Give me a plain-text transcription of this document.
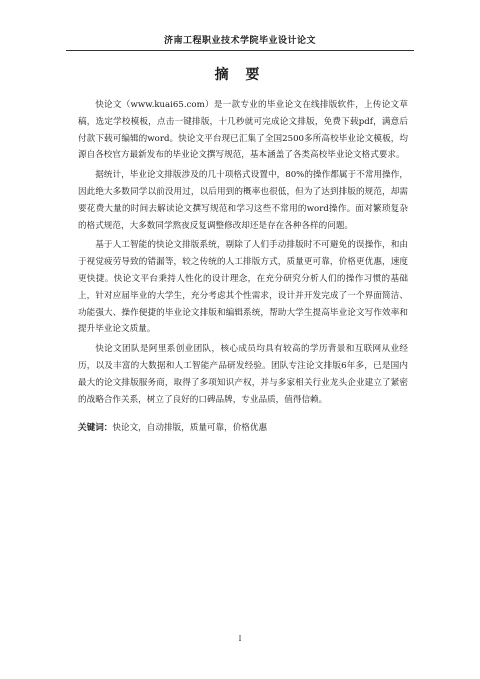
济南工程职业技术学院毕业设计论文
摘 要

快论文（www.kuai65.com）是一款专业的毕业论文在线排版软件，上传论文草稿，选定学校模板，点击一键排版，十几秒就可完成论文排版，免费下载pdf，满意后付款下载可编辑的word。快论文平台现已汇集了全国2500多所高校毕业论文模板，均源自各校官方最新发布的毕业论文撰写规范，基本涵盖了各类高校毕业论文格式要求。

据统计，毕业论文排版涉及的几十项格式设置中，80%的操作都属于不常用操作，因此绝大多数同学以前没用过，以后用到的概率也很低，但为了达到排版的规范，却需要花费大量的时间去解读论文撰写规范和学习这些不常用的word操作。面对繁琐复杂的格式规范，大多数同学熬夜反复调整修改却还是存在各种各样的问题。

基于人工智能的快论文排版系统，剔除了人们手动排版时不可避免的误操作，和由于视觉疲劳导致的错漏等，较之传统的人工排版方式，质量更可靠，价格更优惠，速度更快捷。快论文平台秉持人性化的设计理念，在充分研究分析人们的操作习惯的基础上，针对应届毕业的大学生，充分考虑其个性需求，设计并开发完成了一个界面简洁、功能强大、操作便捷的毕业论文排版和编辑系统，帮助大学生提高毕业论文写作效率和提升毕业论文质量。

快论文团队是阿里系创业团队，核心成员均具有较高的学历背景和互联网从业经历，以及丰富的大数据和人工智能产品研发经验。团队专注论文排版6年多，已是国内最大的论文排版服务商，取得了多项知识产权，并与多家相关行业龙头企业建立了紧密的战略合作关系，树立了良好的口碑品牌，专业品质，值得信赖。

关键词：快论文，自动排版，质量可靠，价格优惠
I
